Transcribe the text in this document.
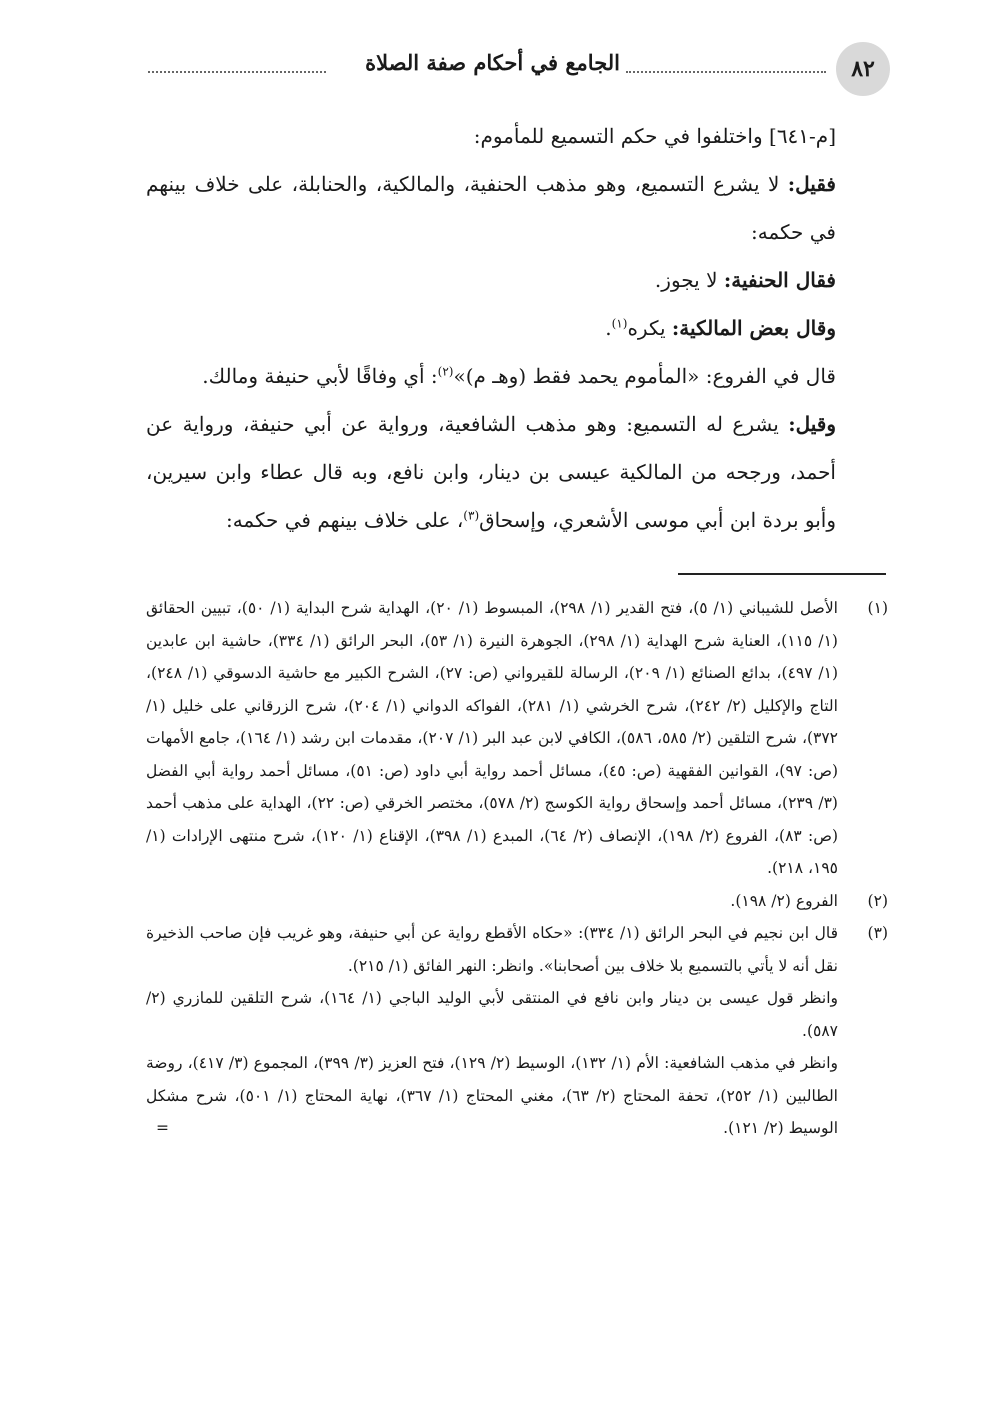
٨٢
الجامع في أحكام صفة الصلاة

[م-٦٤١] واختلفوا في حكم التسميع للمأموم:

فقيل: لا يشرع التسميع، وهو مذهب الحنفية، والمالكية، والحنابلة، على خلاف بينهم في حكمه:

فقال الحنفية: لا يجوز.

وقال بعض المالكية: يكره$^{(١)}$.

قال في الفروع: «المأموم يحمد فقط (وهـ م)»$^{(٢)}$: أي وفاقًا لأبي حنيفة ومالك.

وقيل: يشرع له التسميع: وهو مذهب الشافعية، ورواية عن أبي حنيفة، ورواية عن أحمد، ورجحه من المالكية عيسى بن دينار، وابن نافع، وبه قال عطاء وابن سيرين، وأبو بردة ابن أبي موسى الأشعري، وإسحاق$^{(٣)}$، على خلاف بينهم في حكمه:

(١)

الأصل للشيباني (١/ ٥)، فتح القدير (١/ ٢٩٨)، المبسوط (١/ ٢٠)، الهداية شرح البداية (١/ ٥٠)، تبيين الحقائق (١/ ١١٥)، العناية شرح الهداية (١/ ٢٩٨)، الجوهرة النيرة (١/ ٥٣)، البحر الرائق (١/ ٣٣٤)، حاشية ابن عابدين (١/ ٤٩٧)، بدائع الصنائع (١/ ٢٠٩)، الرسالة للقيرواني (ص: ٢٧)، الشرح الكبير مع حاشية الدسوقي (١/ ٢٤٨)، التاج والإكليل (٢/ ٢٤٢)، شرح الخرشي (١/ ٢٨١)، الفواكه الدواني (١/ ٢٠٤)، شرح الزرقاني على خليل (١/ ٣٧٢)، شرح التلقين (٢/ ٥٨٥، ٥٨٦)، الكافي لابن عبد البر (١/ ٢٠٧)، مقدمات ابن رشد (١/ ١٦٤)، جامع الأمهات (ص: ٩٧)، القوانين الفقهية (ص: ٤٥)، مسائل أحمد رواية أبي داود (ص: ٥١)، مسائل أحمد رواية أبي الفضل (٣/ ٢٣٩)، مسائل أحمد وإسحاق رواية الكوسج (٢/ ٥٧٨)، مختصر الخرقي (ص: ٢٢)، الهداية على مذهب أحمد (ص: ٨٣)، الفروع (٢/ ١٩٨)، الإنصاف (٢/ ٦٤)، المبدع (١/ ٣٩٨)، الإقناع (١/ ١٢٠)، شرح منتهى الإرادات (١/ ١٩٥، ٢١٨).

(٢)

الفروع (٢/ ١٩٨).

(٣)

قال ابن نجيم في البحر الرائق (١/ ٣٣٤): «حكاه الأقطع رواية عن أبي حنيفة، وهو غريب فإن صاحب الذخيرة نقل أنه لا يأتي بالتسميع بلا خلاف بين أصحابنا». وانظر: النهر الفائق (١/ ٢١٥).

وانظر قول عيسى بن دينار وابن نافع في المنتقى لأبي الوليد الباجي (١/ ١٦٤)، شرح التلقين للمازري (٢/ ٥٨٧).

وانظر في مذهب الشافعية: الأم (١/ ١٣٢)، الوسيط (٢/ ١٢٩)، فتح العزيز (٣/ ٣٩٩)، المجموع (٣/ ٤١٧)، روضة الطالبين (١/ ٢٥٢)، تحفة المحتاج (٢/ ٦٣)، مغني المحتاج (١/ ٣٦٧)، نهاية المحتاج (١/ ٥٠١)، شرح مشكل الوسيط (٢/ ١٢١).

=
